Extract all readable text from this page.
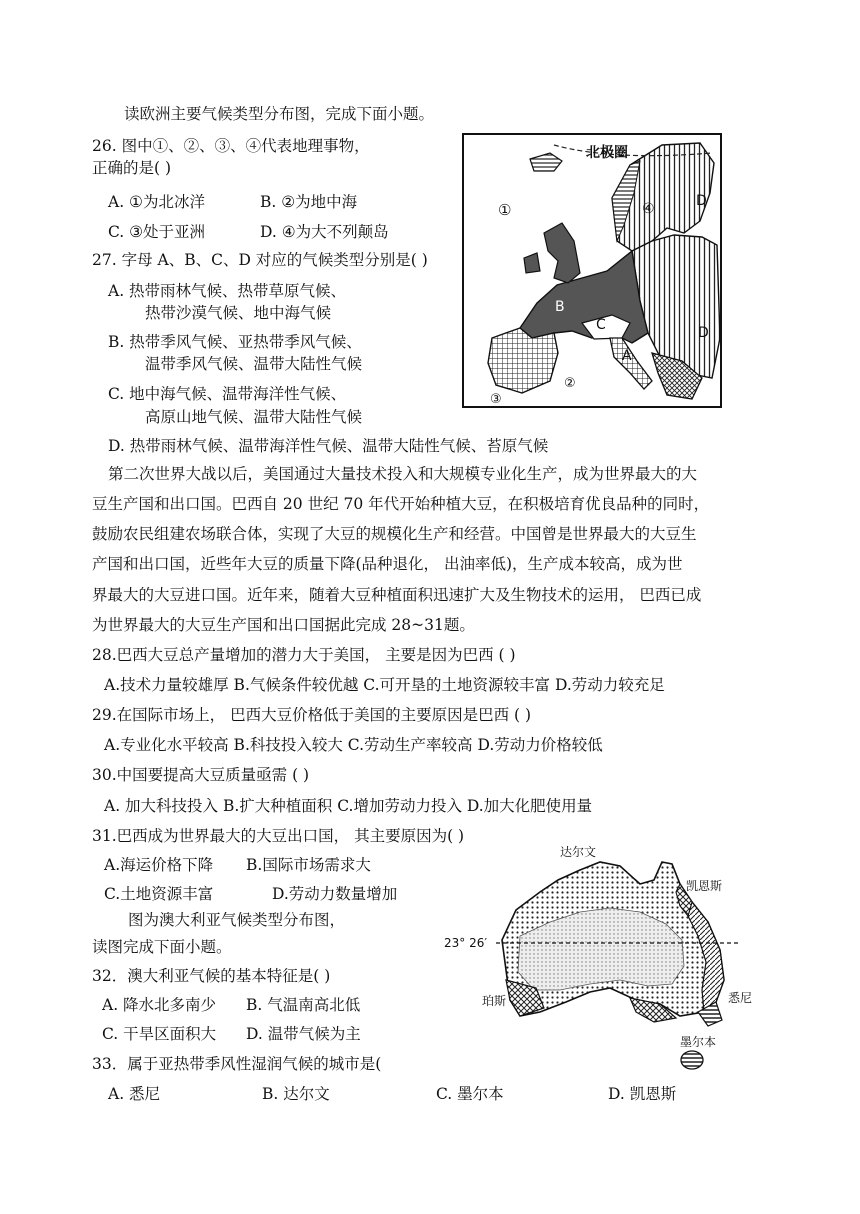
读欧洲主要气候类型分布图，完成下面小题。
26. 图中①、②、③、④代表地理事物，
正确的是( )
A. ①为北冰洋	B. ②为地中海
C. ③处于亚洲	D. ④为大不列颠岛
27. 字母 A、B、C、D 对应的气候类型分别是( )
A. 热带雨林气候、热带草原气候、
热带沙漠气候、地中海气候
B. 热带季风气候、亚热带季风气候、
温带季风气候、温带大陆性气候
C. 地中海气候、温带海洋性气候、
高原山地气候、温带大陆性气候
D. 热带雨林气候、温带海洋性气候、温带大陆性气候、苔原气候
北极圈
①
②
③
④
A
B
C
D
D
第二次世界大战以后，美国通过大量技术投入和大规模专业化生产，成为世界最大的大
豆生产国和出口国。巴西自 20 世纪 70 年代开始种植大豆，在积极培育优良品种的同时，
鼓励农民组建农场联合体，实现了大豆的规模化生产和经营。中国曾是世界最大的大豆生
产国和出口国，近些年大豆的质量下降(品种退化， 出油率低)，生产成本较高，成为世
界最大的大豆进口国。近年来，随着大豆种植面积迅速扩大及生物技术的运用， 巴西已成
为世界最大的大豆生产国和出口国据此完成 28~31题。
28.巴西大豆总产量增加的潜力大于美国， 主要是因为巴西 ( )
A.技术力量较雄厚 B.气候条件较优越 C.可开垦的土地资源较丰富 D.劳动力较充足
29.在国际市场上， 巴西大豆价格低于美国的主要原因是巴西 ( )
A.专业化水平较高 B.科技投入较大 C.劳动生产率较高 D.劳动力价格较低
30.中国要提高大豆质量亟需 ( )
A. 加大科技投入 B.扩大种植面积 C.增加劳动力投入 D.加大化肥使用量
31.巴西成为世界最大的大豆出口国， 其主要原因为( )
A.海运价格下降 B.国际市场需求大
C.土地资源丰富	D.劳动力数量增加
图为澳大利亚气候类型分布图，
读图完成下面小题。
32．澳大利亚气候的基本特征是( )
A. 降水北多南少 B. 气温南高北低
C. 干旱区面积大 D. 温带气候为主
33．属于亚热带季风性湿润气候的城市是(
A. 悉尼	B. 达尔文	C. 墨尔本	D. 凯恩斯
达尔文
凯恩斯
23° 26′
珀斯	悉尼
墨尔本
